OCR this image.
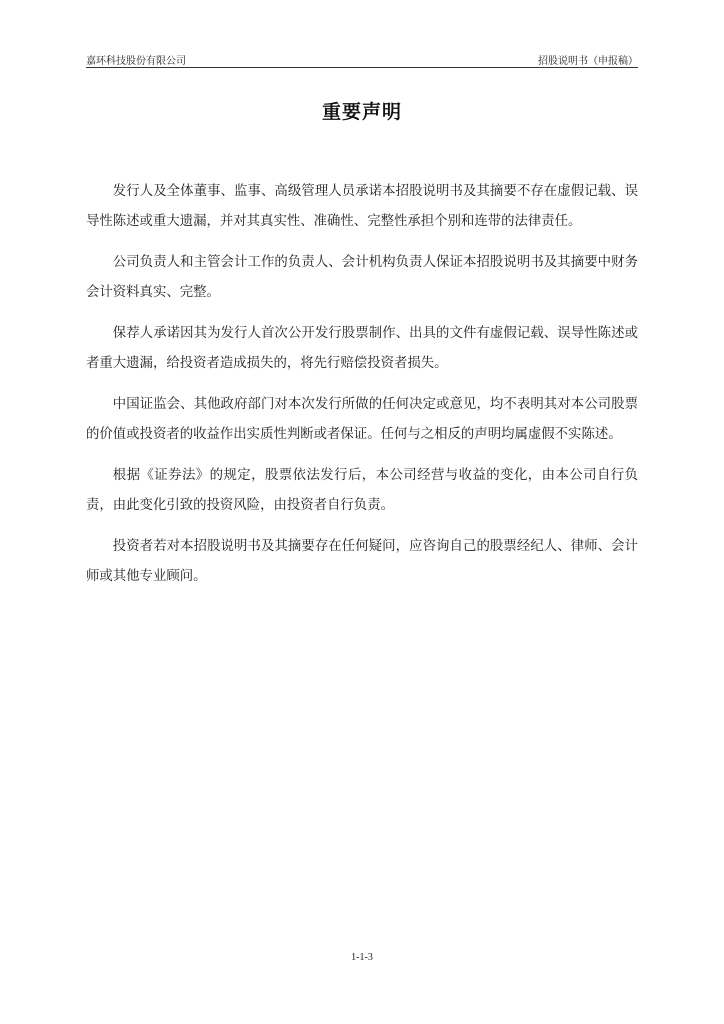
嘉环科技股份有限公司	招股说明书（申报稿）
重要声明

发行人及全体董事、监事、高级管理人员承诺本招股说明书及其摘要不存在虚假记载、误导性陈述或重大遗漏，并对其真实性、准确性、完整性承担个别和连带的法律责任。

公司负责人和主管会计工作的负责人、会计机构负责人保证本招股说明书及其摘要中财务会计资料真实、完整。

保荐人承诺因其为发行人首次公开发行股票制作、出具的文件有虚假记载、误导性陈述或者重大遗漏，给投资者造成损失的，将先行赔偿投资者损失。

中国证监会、其他政府部门对本次发行所做的任何决定或意见，均不表明其对本公司股票的价值或投资者的收益作出实质性判断或者保证。任何与之相反的声明均属虚假不实陈述。

根据《证券法》的规定，股票依法发行后，本公司经营与收益的变化，由本公司自行负责，由此变化引致的投资风险，由投资者自行负责。

投资者若对本招股说明书及其摘要存在任何疑问，应咨询自己的股票经纪人、律师、会计师或其他专业顾问。

1-1-3
